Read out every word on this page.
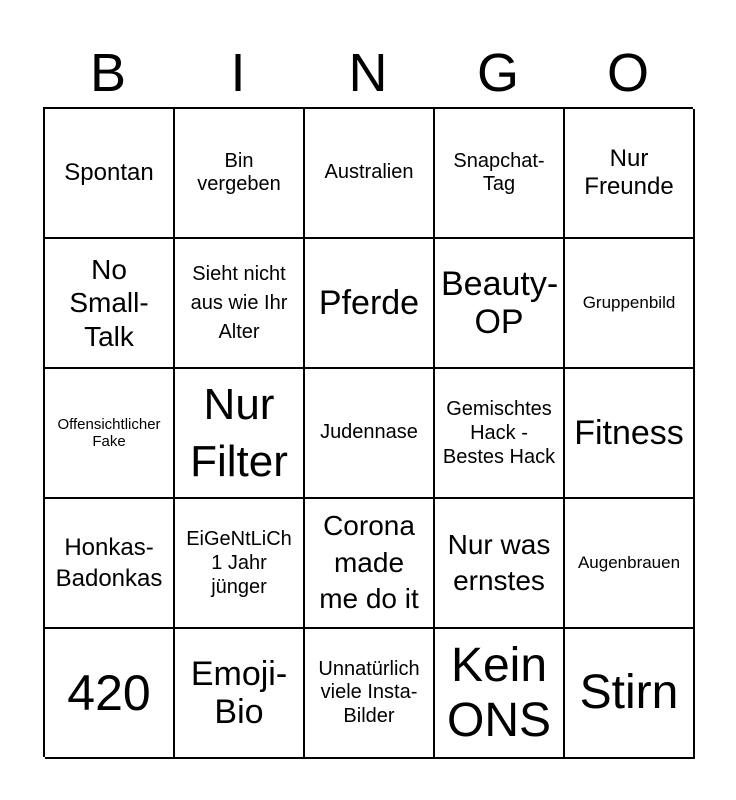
B	I	N	G	O
Spontan	Bin vergeben
Australien
Snapchat-Tag
Nur Freunde
No Small-Talk
Sieht nicht aus wie Ihr Alter
Pferde
Beauty-OP
Gruppenbild
Offensichtlicher Fake
Nur Filter
Judennase
Gemischtes Hack - Bestes Hack
Fitness
Honkas-Badonkas
EiGeNtLiCh 1 Jahr jünger
Corona made me do it
Nur was ernstes
Augenbrauen
420 Emoji-Bio
Unnatürlich viele Insta-Bilder
Kein ONS
Stirn
